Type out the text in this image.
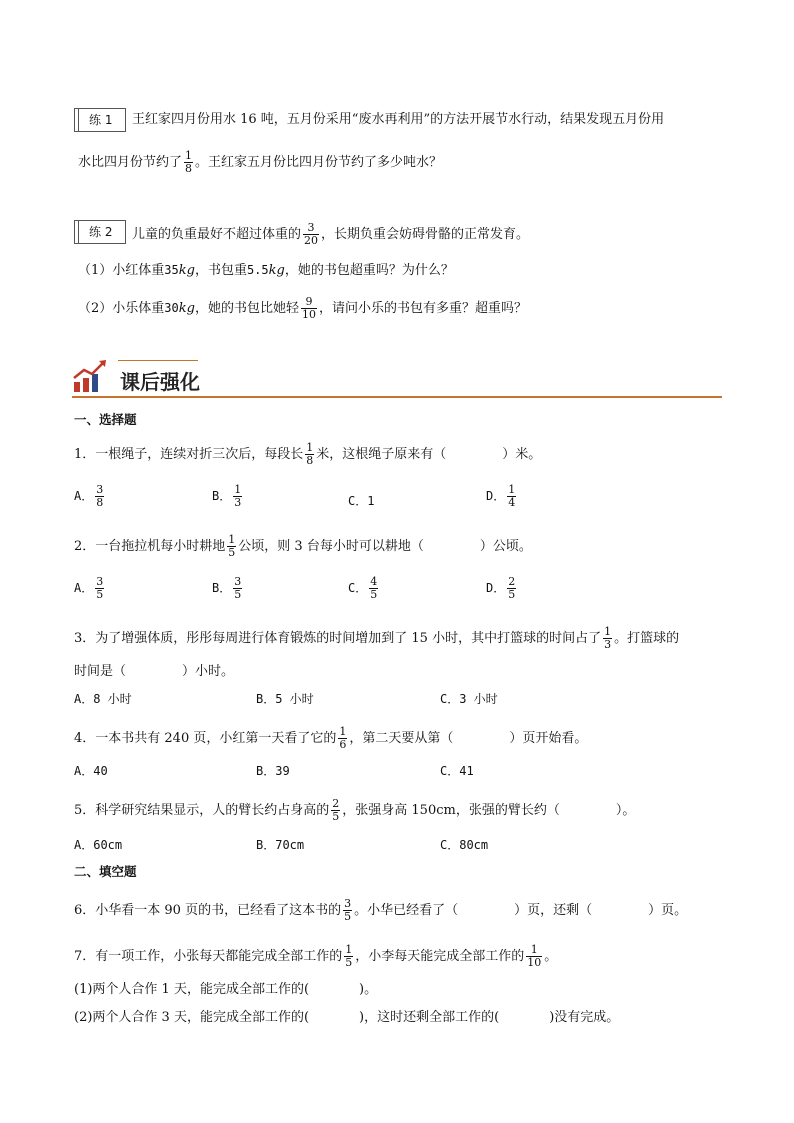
练 1 王红家四月份用水 16 吨，五月份采用“废水再利用”的方法开展节水行动，结果发现五月份用
水比四月份节约了 $\frac{1}{8}$ 。王红家五月份比四月份节约了多少吨水？
练 2 儿童的负重最好不超过体重的 $\frac{3}{20}$ ，长期负重会妨碍骨骼的正常发育。
（1）小红体重35kg，书包重5.5kg，她的书包超重吗？为什么？
（2）小乐体重30kg，她的书包比她轻 $\frac{9}{10}$ ，请问小乐的书包有多重？超重吗？
课后强化
一、选择题
1．一根绳子，连续对折三次后，每段长 $\frac{1}{8}$ 米，这根绳子原来有（	）米。
A． $\frac{3}{8}$	B． $\frac{1}{3}$	C．1	D． $\frac{1}{4}$
2．一台拖拉机每小时耕地 $\frac{1}{5}$ 公顷，则 3 台每小时可以耕地（	）公顷。
A． $\frac{3}{5}$	B． $\frac{3}{5}$	C． $\frac{4}{5}$	D． $\frac{2}{5}$
3．为了增强体质，彤彤每周进行体育锻炼的时间增加到了 15 小时，其中打篮球的时间占了 $\frac{1}{3}$ 。打篮球的
时间是（	）小时。
A．8 小时	B．5 小时	C．3 小时
4．一本书共有 240 页，小红第一天看了它的 $\frac{1}{6}$ ，第二天要从第（	）页开始看。
A．40	B．39	C．41
5．科学研究结果显示，人的臂长约占身高的 $\frac{2}{5}$ ，张强身高 150cm，张强的臂长约（	）。
A．60cm	B．70cm	C．80cm
二、填空题
6．小华看一本 90 页的书，已经看了这本书的 $\frac{3}{5}$ 。小华已经看了（	）页，还剩（	）页。
7．有一项工作，小张每天都能完成全部工作的 $\frac{1}{5}$ ，小李每天能完成全部工作的 $\frac{1}{10}$ 。
(1)两个人合作 1 天，能完成全部工作的(	)。
(2)两个人合作 3 天，能完成全部工作的(	)，这时还剩全部工作的(	)没有完成。
